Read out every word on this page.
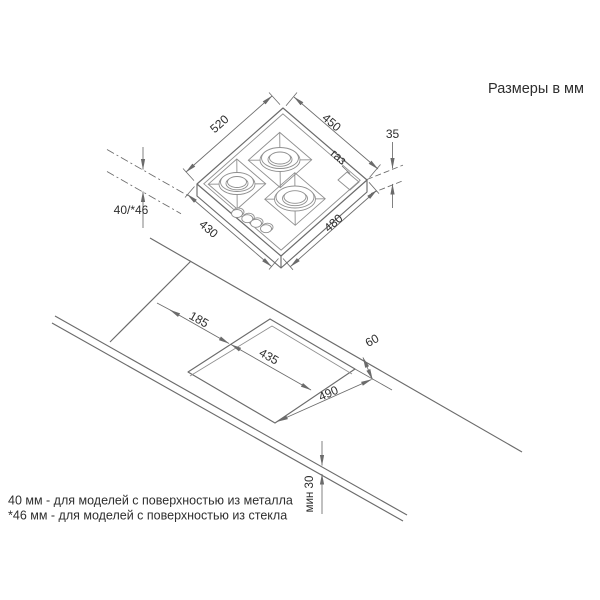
520	450
430	480
35
40/*46
газ
185
435
490
60
мин 30
Размеры в мм
40 мм - для моделей с поверхностью из металла
*46 мм - для моделей с поверхностью из стекла
